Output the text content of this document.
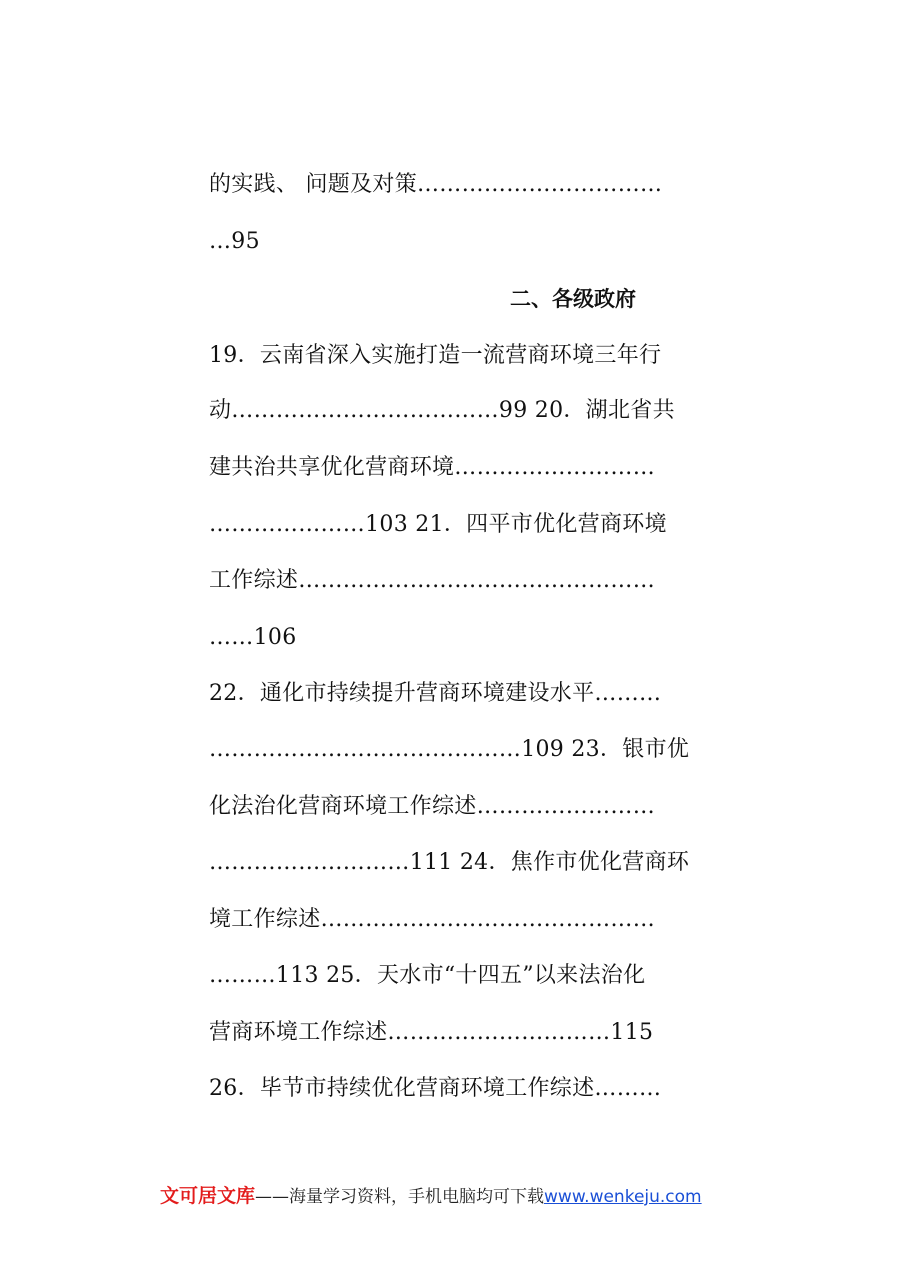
的实践、 问题及对策……………………………
…95
二、各级政府
19．云南省深入实施打造一流营商环境三年行
动………………………………99 20．湖北省共
建共治共享优化营商环境………………………
…………………103 21．四平市优化营商环境
工作综述…………………………………………
……106
22．通化市持续提升营商环境建设水平………
……………………………………109 23．银市优
化法治化营商环境工作综述……………………
………………………111 24．焦作市优化营商环
境工作综述………………………………………
………113 25．天水市“十四五”以来法治化
营商环境工作综述…………………………115
26．毕节市持续优化营商环境工作综述………
文可居文库——海量学习资料，手机电脑均可下载www.wenkeju.com
